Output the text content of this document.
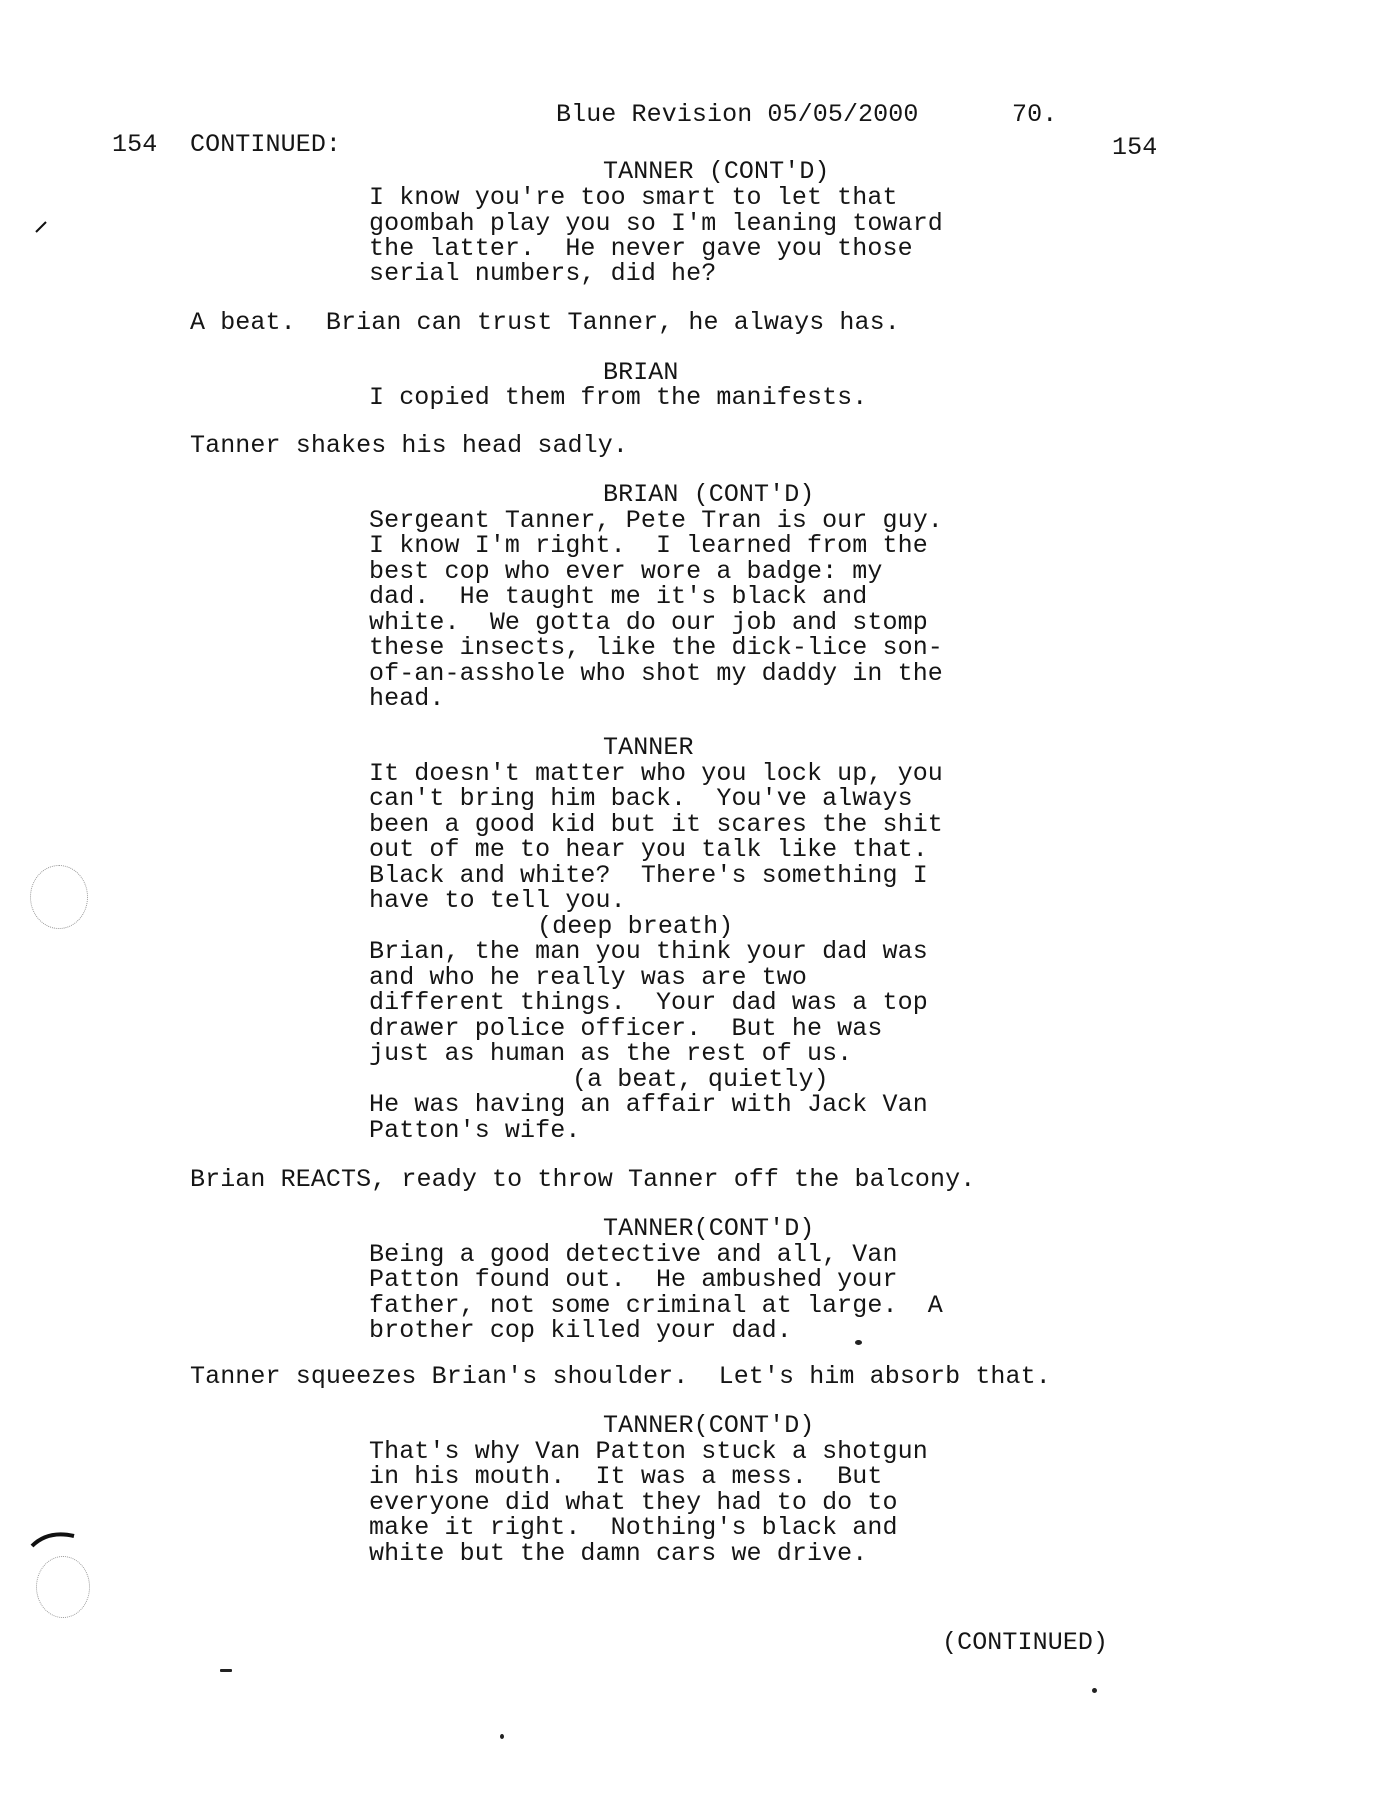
Blue Revision 05/05/2000	70.
154 CONTINUED:	154
TANNER (CONT'D)
I know you're too smart to let that
goombah play you so I'm leaning toward
the latter.  He never gave you those
serial numbers, did he?
A beat.  Brian can trust Tanner, he always has.
BRIAN
I copied them from the manifests.
Tanner shakes his head sadly.
BRIAN (CONT'D)
Sergeant Tanner, Pete Tran is our guy.
I know I'm right.  I learned from the
best cop who ever wore a badge: my
dad.  He taught me it's black and
white.  We gotta do our job and stomp
these insects, like the dick-lice son-
of-an-asshole who shot my daddy in the
head.
TANNER
It doesn't matter who you lock up, you
can't bring him back.  You've always
been a good kid but it scares the shit
out of me to hear you talk like that.
Black and white?  There's something I
have to tell you.
(deep breath)
Brian, the man you think your dad was
and who he really was are two
different things.  Your dad was a top
drawer police officer.  But he was
just as human as the rest of us.
(a beat, quietly)
He was having an affair with Jack Van
Patton's wife.
Brian REACTS, ready to throw Tanner off the balcony.
TANNER(CONT'D)
Being a good detective and all, Van
Patton found out.  He ambushed your
father, not some criminal at large.  A
brother cop killed your dad.
Tanner squeezes Brian's shoulder.  Let's him absorb that.
TANNER(CONT'D)
That's why Van Patton stuck a shotgun
in his mouth.  It was a mess.  But
everyone did what they had to do to
make it right.  Nothing's black and
white but the damn cars we drive.
(CONTINUED)
